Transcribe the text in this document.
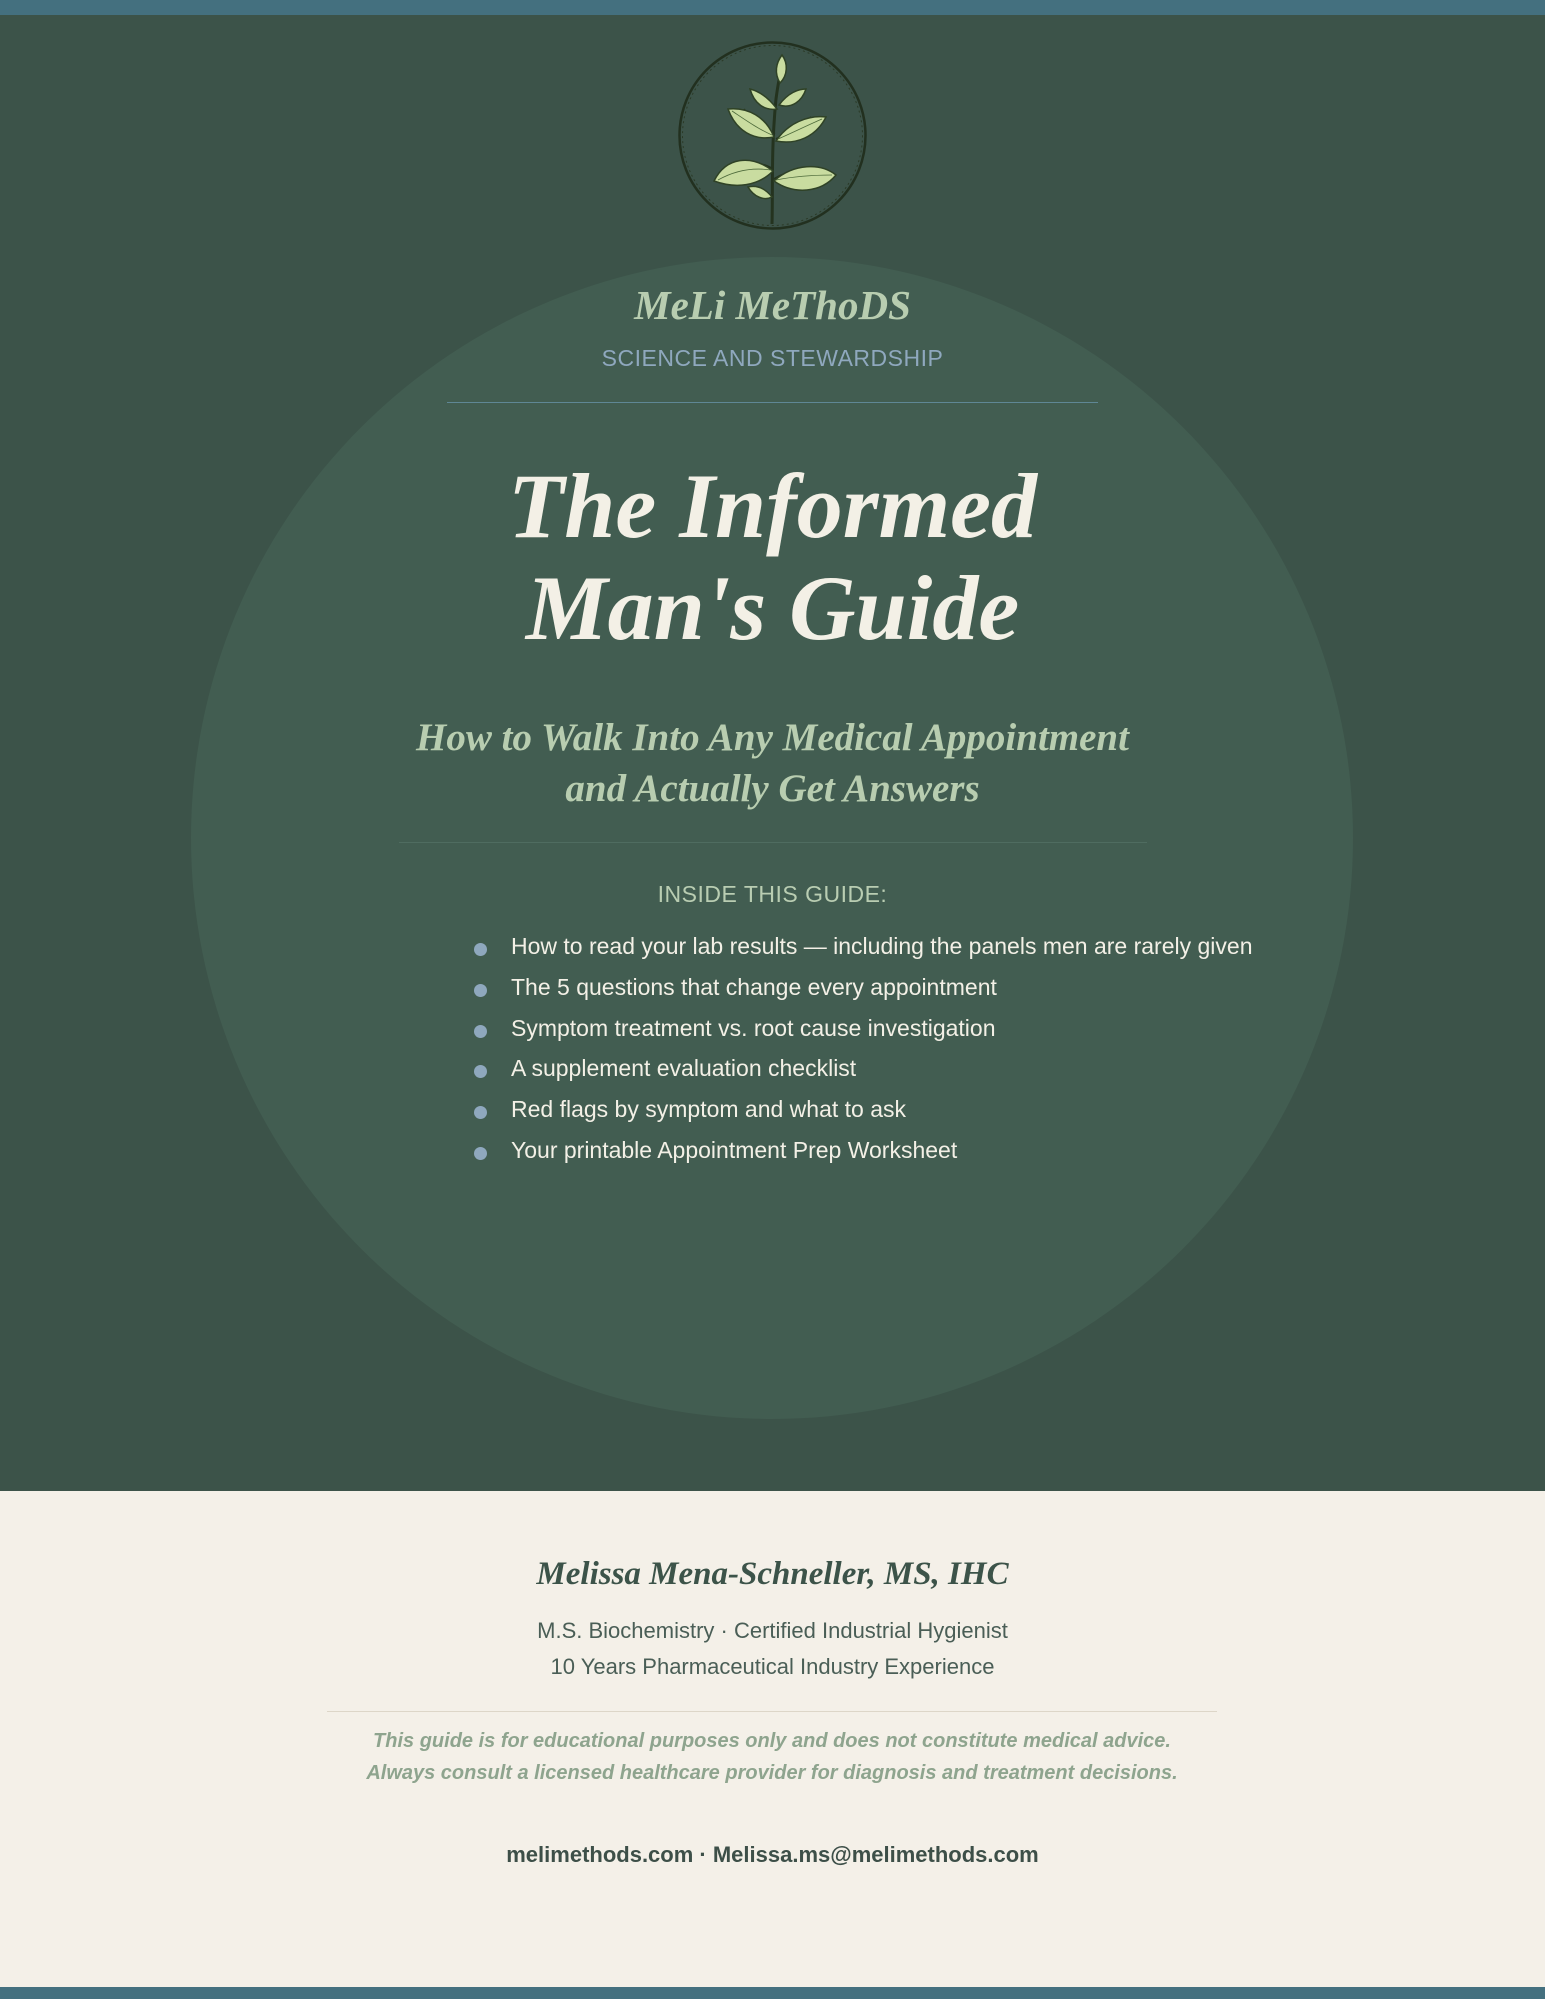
MeLi MeThoDS

SCIENCE AND STEWARDSHIP

The Informed
Man's Guide
How to Walk Into Any Medical Appointment
and Actually Get Answers

INSIDE THIS GUIDE:

How to read your lab results — including the panels men are rarely given
The 5 questions that change every appointment
Symptom treatment vs. root cause investigation
A supplement evaluation checklist
Red flags by symptom and what to ask
Your printable Appointment Prep Worksheet

Melissa Mena-Schneller, MS, IHC

M.S. Biochemistry · Certified Industrial Hygienist

10 Years Pharmaceutical Industry Experience

This guide is for educational purposes only and does not constitute medical advice.
Always consult a licensed healthcare provider for diagnosis and treatment decisions.

melimethods.com · Melissa.ms@melimethods.com
